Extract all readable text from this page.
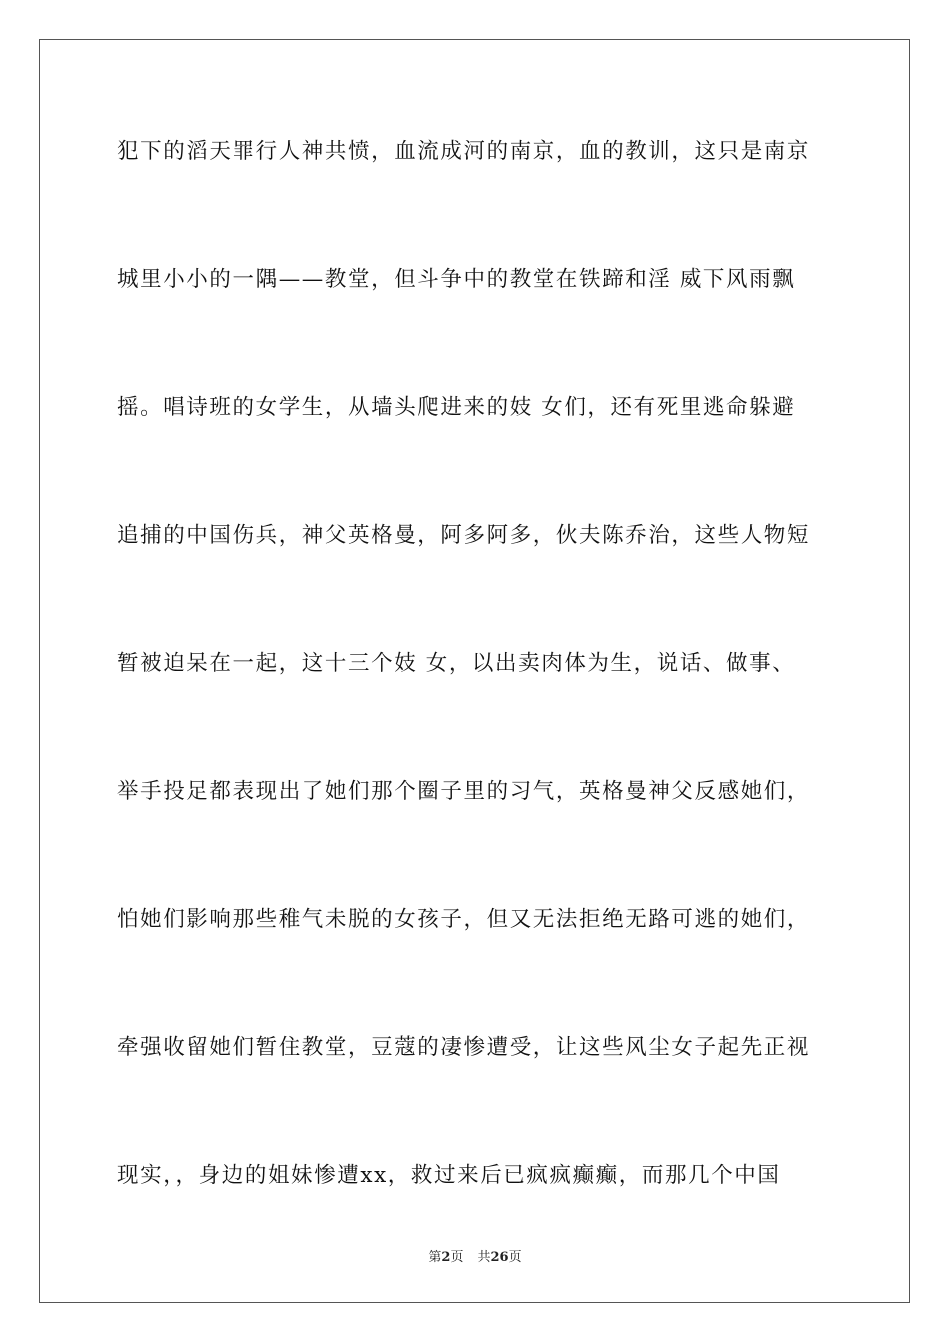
犯下的滔天罪行人神共愤，血流成河的南京，血的教训，这只是南京
城里小小的一隅——教堂，但斗争中的教堂在铁蹄和淫 威下风雨飘
摇。唱诗班的女学生，从墙头爬进来的妓 女们，还有死里逃命躲避
追捕的中国伤兵，神父英格曼，阿多阿多，伙夫陈乔治，这些人物短
暂被迫呆在一起，这十三个妓 女，以出卖肉体为生，说话、做事、
举手投足都表现出了她们那个圈子里的习气，英格曼神父反感她们，
怕她们影响那些稚气未脱的女孩子，但又无法拒绝无路可逃的她们，
牵强收留她们暂住教堂，豆蔻的凄惨遭受，让这些风尘女子起先正视
现实，，身边的姐妹惨遭xx，救过来后已疯疯癫癫，而那几个中国
第2页 共26页
